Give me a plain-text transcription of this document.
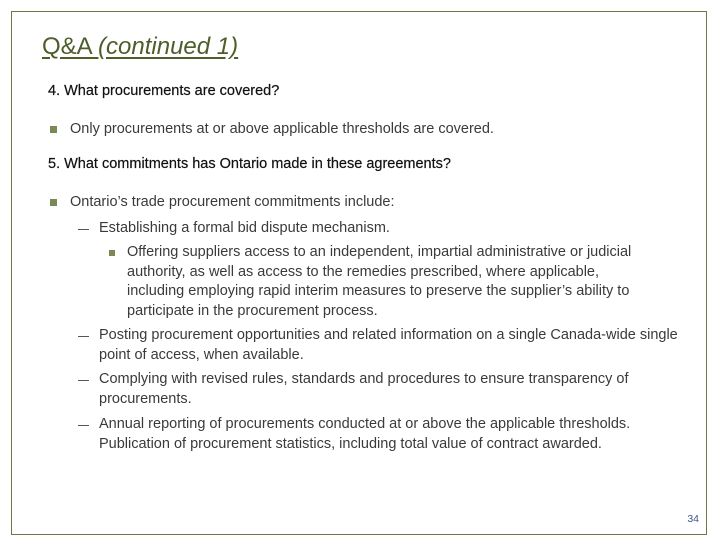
Q&A (continued 1)
4. What procurements are covered?
Only procurements at or above applicable thresholds are covered.
5. What commitments has Ontario made in these agreements?
Ontario’s trade procurement commitments include:
Establishing a formal bid dispute mechanism.
Offering suppliers access to an independent, impartial administrative or judicial authority, as well as access to the remedies prescribed, where applicable, including employing rapid interim measures to preserve the supplier’s ability to participate in the procurement process.
Posting procurement opportunities and related information on a single Canada-wide single point of access, when available.
Complying with revised rules, standards and procedures to ensure transparency of procurements.
Annual reporting of procurements conducted at or above the applicable thresholds. Publication of procurement statistics, including total value of contract awarded.
34
